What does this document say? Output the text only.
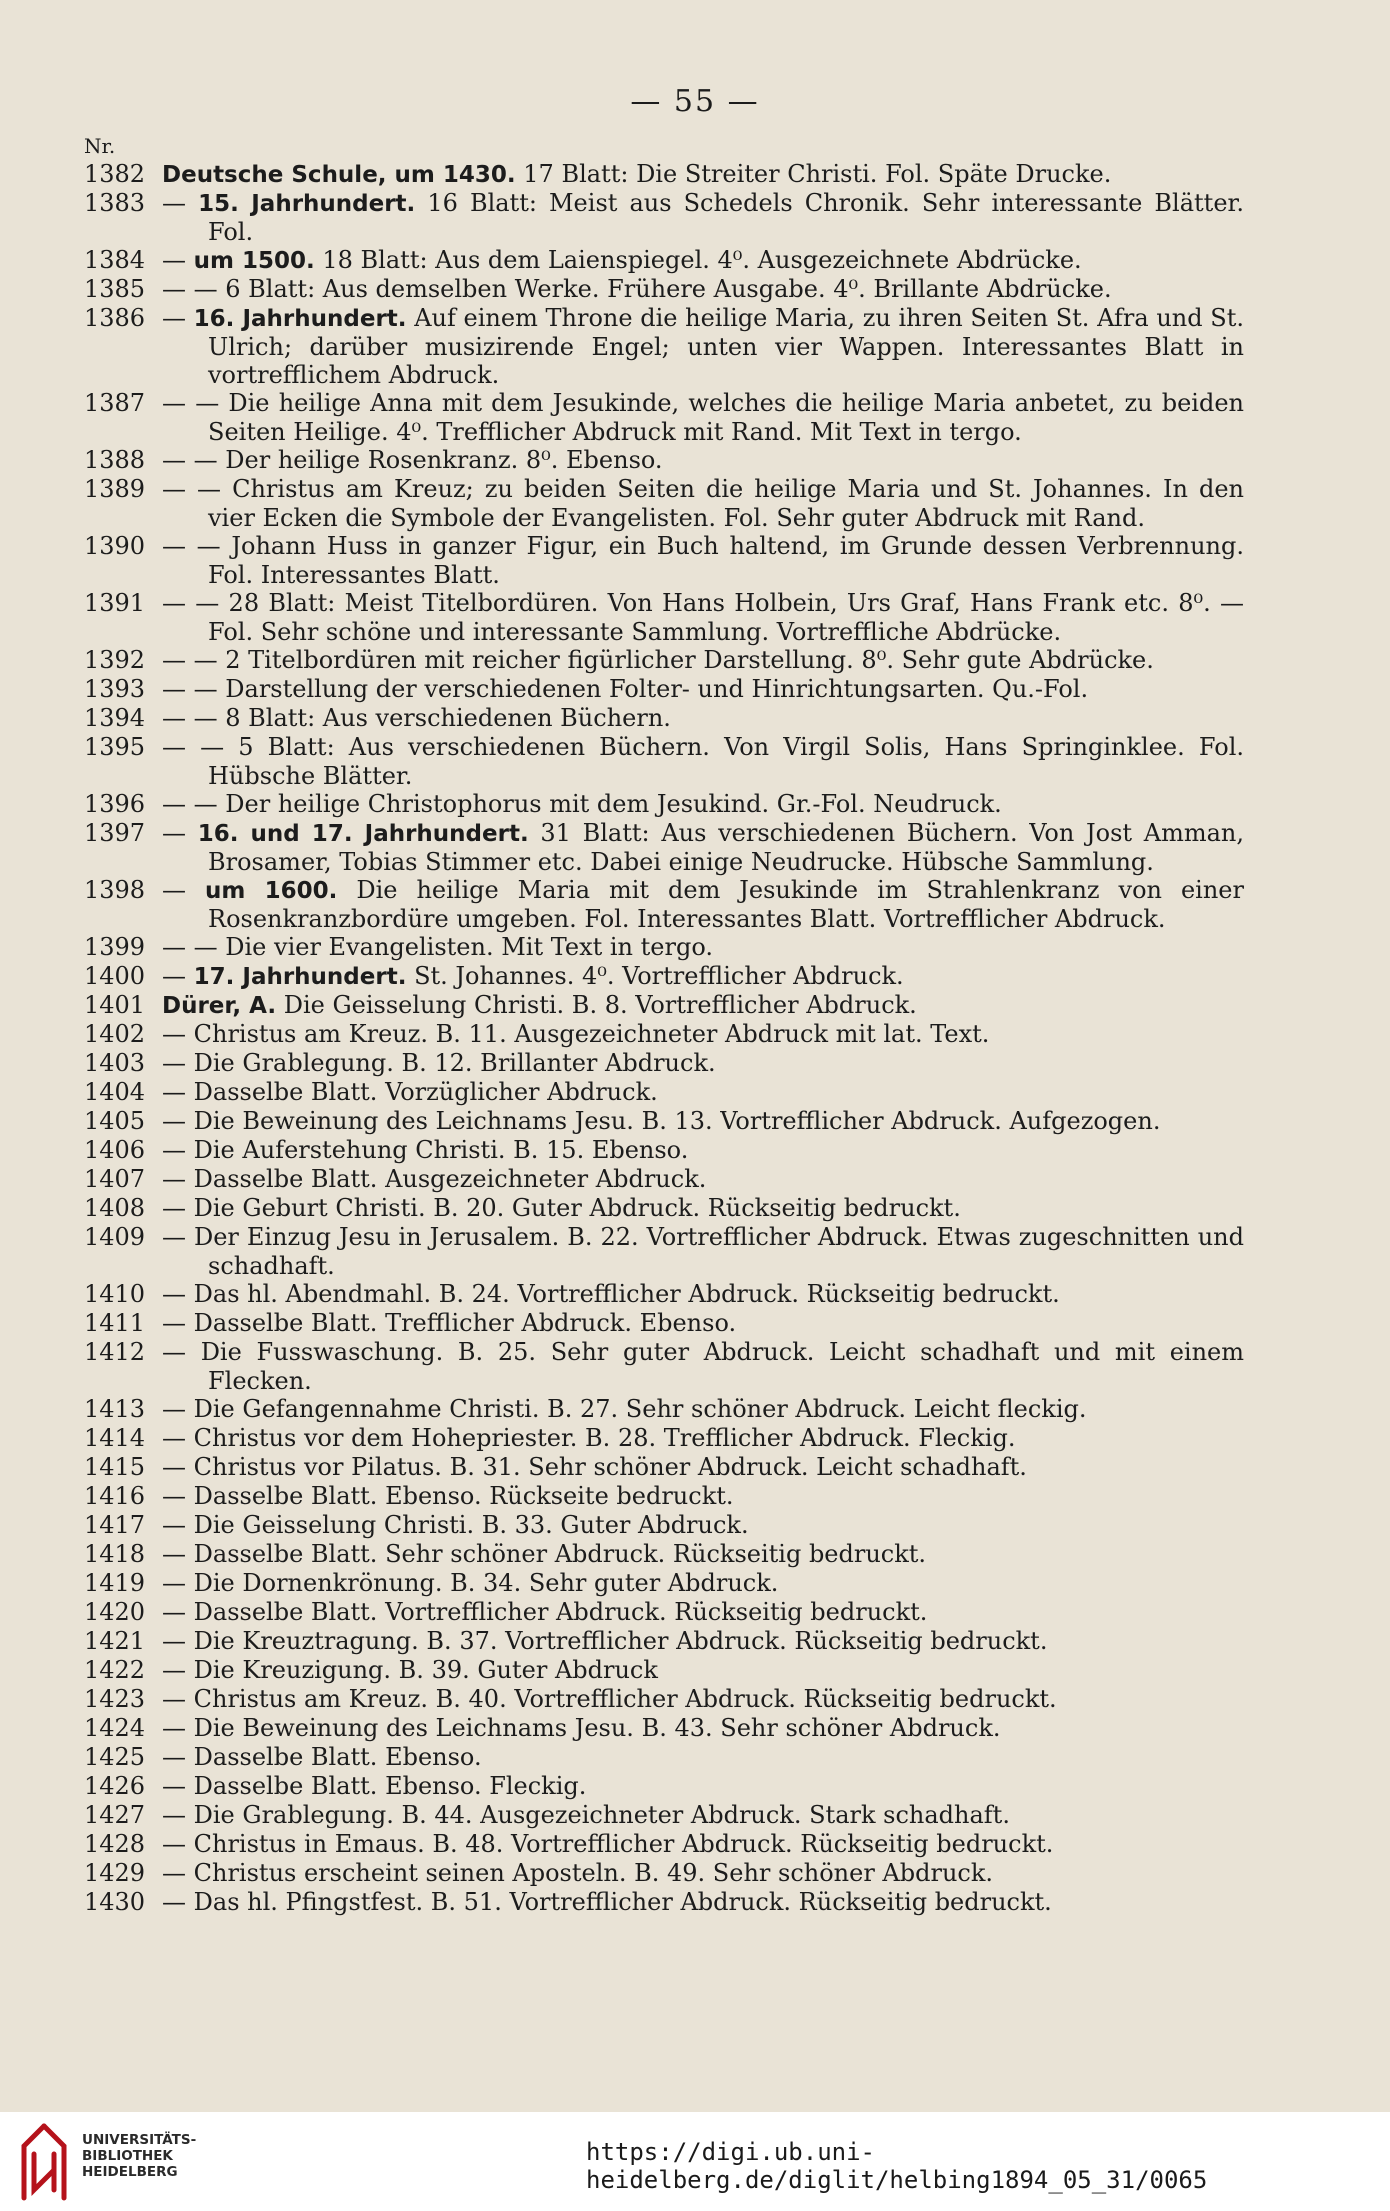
— 55 —
Nr.
1382 Deutsche Schule, um 1430. 17 Blatt: Die Streiter Christi. Fol. Späte Drucke.
1383 — 15. Jahrhundert. 16 Blatt: Meist aus Schedels Chronik. Sehr interessante Blätter. Fol.
1384 — um 1500. 18 Blatt: Aus dem Laienspiegel. 4⁰. Ausgezeichnete Abdrücke.
1385 — — 6 Blatt: Aus demselben Werke. Frühere Ausgabe. 4⁰. Brillante Abdrücke.
1386 — 16. Jahrhundert. Auf einem Throne die heilige Maria, zu ihren Seiten St. Afra und St. Ulrich; darüber musizirende Engel; unten vier Wappen. Interessantes Blatt in vortrefflichem Abdruck.
1387 — — Die heilige Anna mit dem Jesukinde, welches die heilige Maria anbetet, zu beiden Seiten Heilige. 4⁰. Trefflicher Abdruck mit Rand. Mit Text in tergo.
1388 — — Der heilige Rosenkranz. 8⁰. Ebenso.
1389 — — Christus am Kreuz; zu beiden Seiten die heilige Maria und St. Johannes. In den vier Ecken die Symbole der Evangelisten. Fol. Sehr guter Abdruck mit Rand.
1390 — — Johann Huss in ganzer Figur, ein Buch haltend, im Grunde dessen Verbrennung. Fol. Interessantes Blatt.
1391 — — 28 Blatt: Meist Titelbordüren. Von Hans Holbein, Urs Graf, Hans Frank etc. 8⁰. — Fol. Sehr schöne und interessante Sammlung. Vortreffliche Abdrücke.
1392 — — 2 Titelbordüren mit reicher figürlicher Darstellung. 8⁰. Sehr gute Abdrücke.
1393 — — Darstellung der verschiedenen Folter- und Hinrichtungsarten. Qu.-Fol.
1394 — — 8 Blatt: Aus verschiedenen Büchern.
1395 — — 5 Blatt: Aus verschiedenen Büchern. Von Virgil Solis, Hans Springinklee. Fol. Hübsche Blätter.
1396 — — Der heilige Christophorus mit dem Jesukind. Gr.-Fol. Neudruck.
1397 — 16. und 17. Jahrhundert. 31 Blatt: Aus verschiedenen Büchern. Von Jost Amman, Brosamer, Tobias Stimmer etc. Dabei einige Neudrucke. Hübsche Sammlung.
1398 — um 1600. Die heilige Maria mit dem Jesukinde im Strahlenkranz von einer Rosenkranzbordüre umgeben. Fol. Interessantes Blatt. Vortrefflicher Abdruck.
1399 — — Die vier Evangelisten. Mit Text in tergo.
1400 — 17. Jahrhundert. St. Johannes. 4⁰. Vortrefflicher Abdruck.
1401 Dürer, A. Die Geisselung Christi. B. 8. Vortrefflicher Abdruck.
1402 — Christus am Kreuz. B. 11. Ausgezeichneter Abdruck mit lat. Text.
1403 — Die Grablegung. B. 12. Brillanter Abdruck.
1404 — Dasselbe Blatt. Vorzüglicher Abdruck.
1405 — Die Beweinung des Leichnams Jesu. B. 13. Vortrefflicher Abdruck. Aufgezogen.
1406 — Die Auferstehung Christi. B. 15. Ebenso.
1407 — Dasselbe Blatt. Ausgezeichneter Abdruck.
1408 — Die Geburt Christi. B. 20. Guter Abdruck. Rückseitig bedruckt.
1409 — Der Einzug Jesu in Jerusalem. B. 22. Vortrefflicher Abdruck. Etwas zugeschnitten und schadhaft.
1410 — Das hl. Abendmahl. B. 24. Vortrefflicher Abdruck. Rückseitig bedruckt.
1411 — Dasselbe Blatt. Trefflicher Abdruck. Ebenso.
1412 — Die Fusswaschung. B. 25. Sehr guter Abdruck. Leicht schadhaft und mit einem Flecken.
1413 — Die Gefangennahme Christi. B. 27. Sehr schöner Abdruck. Leicht fleckig.
1414 — Christus vor dem Hohepriester. B. 28. Trefflicher Abdruck. Fleckig.
1415 — Christus vor Pilatus. B. 31. Sehr schöner Abdruck. Leicht schadhaft.
1416 — Dasselbe Blatt. Ebenso. Rückseite bedruckt.
1417 — Die Geisselung Christi. B. 33. Guter Abdruck.
1418 — Dasselbe Blatt. Sehr schöner Abdruck. Rückseitig bedruckt.
1419 — Die Dornenkrönung. B. 34. Sehr guter Abdruck.
1420 — Dasselbe Blatt. Vortrefflicher Abdruck. Rückseitig bedruckt.
1421 — Die Kreuztragung. B. 37. Vortrefflicher Abdruck. Rückseitig bedruckt.
1422 — Die Kreuzigung. B. 39. Guter Abdruck
1423 — Christus am Kreuz. B. 40. Vortrefflicher Abdruck. Rückseitig bedruckt.
1424 — Die Beweinung des Leichnams Jesu. B. 43. Sehr schöner Abdruck.
1425 — Dasselbe Blatt. Ebenso.
1426 — Dasselbe Blatt. Ebenso. Fleckig.
1427 — Die Grablegung. B. 44. Ausgezeichneter Abdruck. Stark schadhaft.
1428 — Christus in Emaus. B. 48. Vortrefflicher Abdruck. Rückseitig bedruckt.
1429 — Christus erscheint seinen Aposteln. B. 49. Sehr schöner Abdruck.
1430 — Das hl. Pfingstfest. B. 51. Vortrefflicher Abdruck. Rückseitig bedruckt.
UNIVERSITÄTS-
BIBLIOTHEK
HEIDELBERG
https://digi.ub.uni-heidelberg.de/diglit/helbing1894_05_31/0065
